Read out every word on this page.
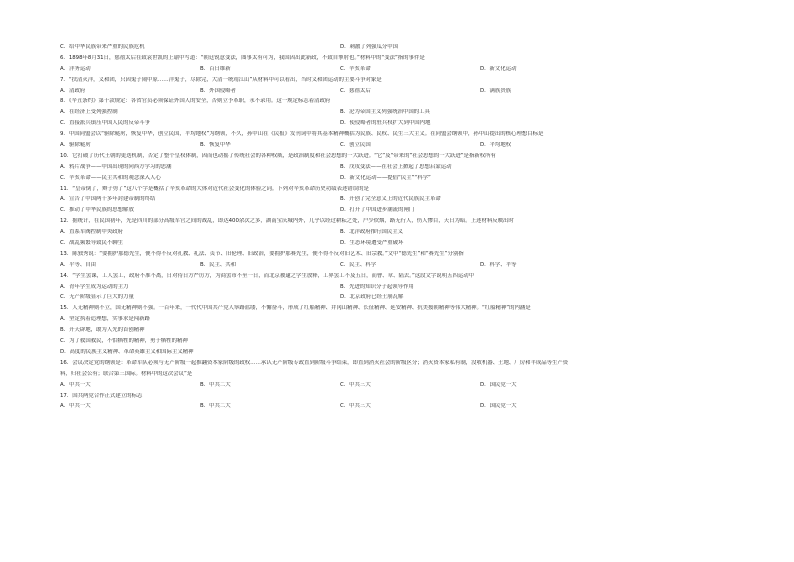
C．给中华民族带来严重的民族危机	D．刺激了列强瓜分中国
6．1898年8月31日，慈禧太后在致袁世凯的上谕中写道：“朝廷锐意变法，图事太有可为，我国因出此新政，不致自掣肘也。”材料中的“变法”指的事件是
A．洋务运动	B．百日维新	C．辛亥革命	D．新文化运动
7．“扶清灭洋，义和团，只因鬼子闹中原……洋鬼子，尽除完，大清一统靖江山”从材料中可以看出，当时义和团运动的主要斗争对象是
A．清政府	B．外国侵略者	C．慈禧太后	D．满族贵族
8．《辛丑条约》第十款规定：各省官员必须保证外国人的安全，否则立予革职，永不录用。这一规定标志着清政府
A．在经济上受列强控制	B．沦为帝国主义列强统治中国的工具
C．直接派兵镇压中国人民的反帝斗争	D．使侵略者的驻兵权扩大到中国内地
9．中国同盟会以“驱除鞑虏，恢复中华，创立民国，平均地权”为纲领，不久，孙中山在《民报》发刊词中将其基本精神概括为民族、民权、民生三大主义。在同盟会纲领中，孙中山提出的核心理想目标是
A．驱除鞑虏	B．恢复中华	C．创立民国	D．平均地权
10．它打破了历代王朝的更迭机制，否定了整个皇权体制，因而也动摇了传统社会的各种权威，是政治制度和社会思想的一大跃进。“它”及“带来的”社会思想的一大跃进”是指新权所有
A．鸦片战争——中国出现的向西方学习的思潮	B．戊戌变法——在社会上掀起了思想启蒙运动
C．辛亥革命——民主共和的观念深入人心	D．新文化运动——提倡“民主”“科学”
11．“皇帝倒了，辫子剪了”这八个字是概括了辛亥革命的大体对近代社会变化的体验之词。下列对辛亥革命历史功绩表述错误的是
A．宣告了中国两千多年封建帝制的终结	B．开创了完全意义上的近代民族民主革命
C．推动了中华民族的思想解放	D．打开了中国进步潮流的闸门
12．据统计，在民国初年，光是四川的部分高级军官之间的战乱，即达400余次之多，湖南宝庆城内外，几乎以经过耕耘之处，户少炊烟，路无行人，伤人惨目，天日为暗。上述材料反映出时
A．直系军阀控制中央政府	B．北洋政府推行国民主义
C．战乱频繁导致民不聊生	D．生态环境遭受严重破坏
13．陈独秀说：“要拥护那德先生，便不得不反对孔教、礼法、贞节、旧伦理、旧政治，要拥护那赛先生，便不得不反对旧艺术、旧宗教。”文中“德先生”和“赛先生”分别指
A．平等、自由	B．民主、共和	C．民主、科学	D．科学、平等
14．“学生罢课，工人罢工，政府不准不离，日对待日方严厉方，为商罢市不至一日，而北京被逮之学生放释，工界罢工不及五日，而曹、章、陆去。”这段文字说明五四运动中
A．青年学生成为运动的主力	B．先进的知识分子起领导作用
C．无产阶级显示了巨大的力量	D．北京政府已经土崩瓦解
15．人无精神则不立，国无精神则不强。一百年来，一代代中国共产党人筚路蓝缕，不懈奋斗，形成了红船精神、井冈山精神、长征精神、延安精神、抗美援朝精神等伟大精神。“红船精神”的内涵是
A．坚定执着追理想，实事求是闯新路
B．开天辟地，敢为人先的首创精神
C．为了救国救民，不怕牺牲的精神，勇于牺牲的精神
D．高度的民族主义精神、革命英雄主义和国际主义精神
16．会议决定党的纲领是：革命军队必须与无产阶级一起推翻资本家阶级的政权……承认无产阶级专政直到阶级斗争结束，即直到消灭社会的阶级区分；消灭资本家私有制，没收机器、土地、厂房和半成品等生产资
料，归社会公有；联合第三国际。材料中的这次会议”是
A．中共一大	B．中共二大	C．中共三大	D．国民党一大
17．国共两党合作正式建立的标志
A．中共一大	B．中共二大	C．中共三大	D．国民党一大
